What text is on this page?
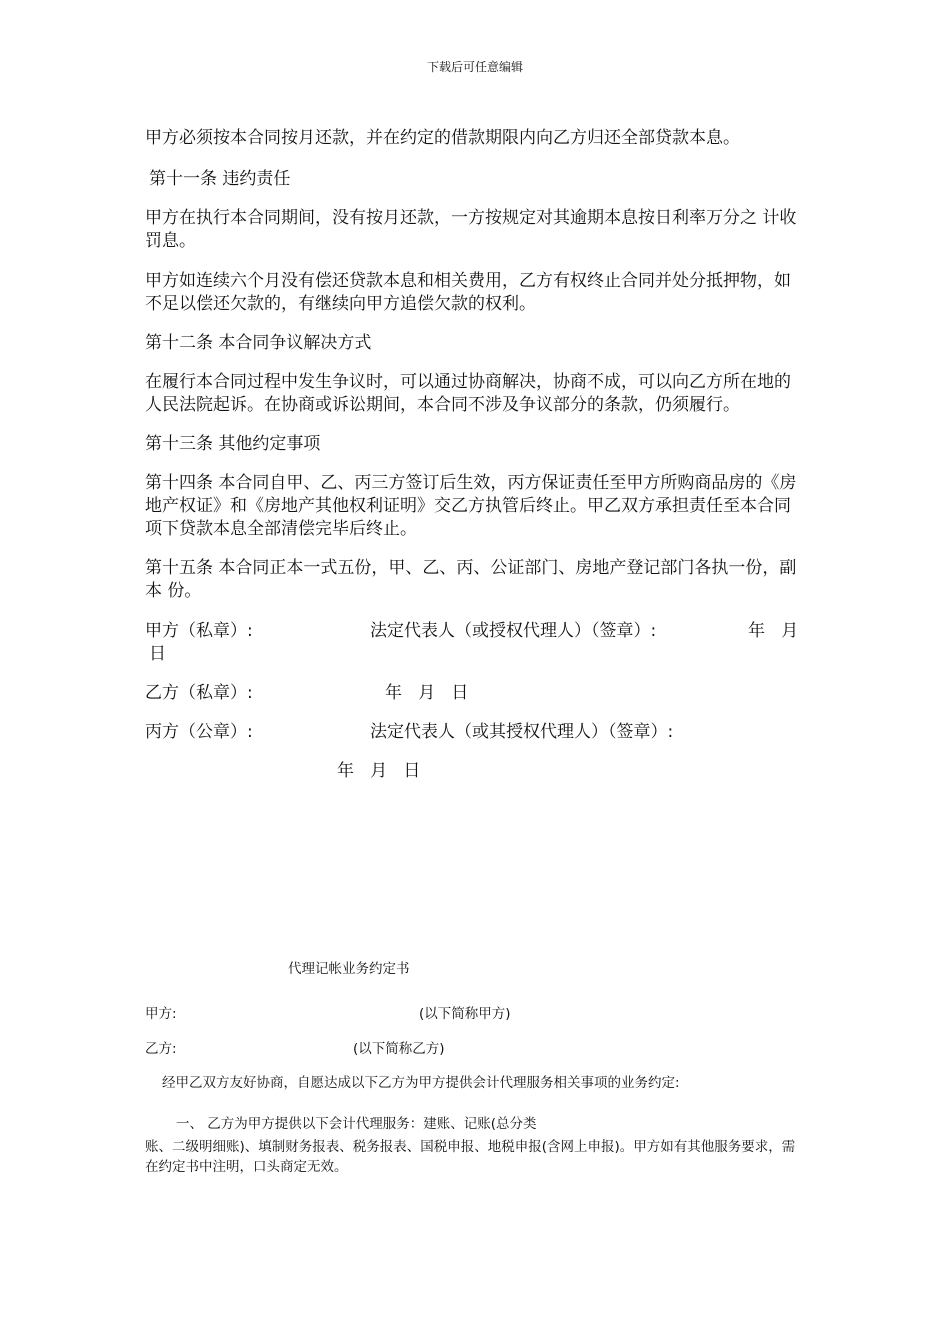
下载后可任意编辑
甲方必须按本合同按月还款，并在约定的借款期限内向乙方归还全部贷款本息。
第十一条 违约责任
甲方在执行本合同期间，没有按月还款，一方按规定对其逾期本息按日利率万分之 计收罚息。
甲方如连续六个月没有偿还贷款本息和相关费用，乙方有权终止合同并处分抵押物，如不足以偿还欠款的，有继续向甲方追偿欠款的权利。
第十二条 本合同争议解决方式
在履行本合同过程中发生争议时，可以通过协商解决，协商不成，可以向乙方所在地的人民法院起诉。在协商或诉讼期间，本合同不涉及争议部分的条款，仍须履行。
第十三条 其他约定事项
第十四条 本合同自甲、乙、丙三方签订后生效，丙方保证责任至甲方所购商品房的《房地产权证》和《房地产其他权利证明》交乙方执管后终止。甲乙双方承担责任至本合同项下贷款本息全部清偿完毕后终止。
第十五条 本合同正本一式五份，甲、乙、丙、公证部门、房地产登记部门各执一份，副本 份。
甲方（私章）:	法定代表人（或授权代理人）（签章）:	年   月
日
乙方（私章）:	年   月   日
丙方（公章）:	法定代表人（或其授权代理人）（签章）:
年   月   日
代理记帐业务约定书
甲方:	(以下简称甲方)
乙方:	(以下简称乙方)
经甲乙双方友好协商，自愿达成以下乙方为甲方提供会计代理服务相关事项的业务约定:
一、 乙方为甲方提供以下会计代理服务：建账、记账(总分类
账、二级明细账)、填制财务报表、税务报表、国税申报、地税申报(含网上申报)。甲方如有其他服务要求，需在约定书中注明，口头商定无效。
